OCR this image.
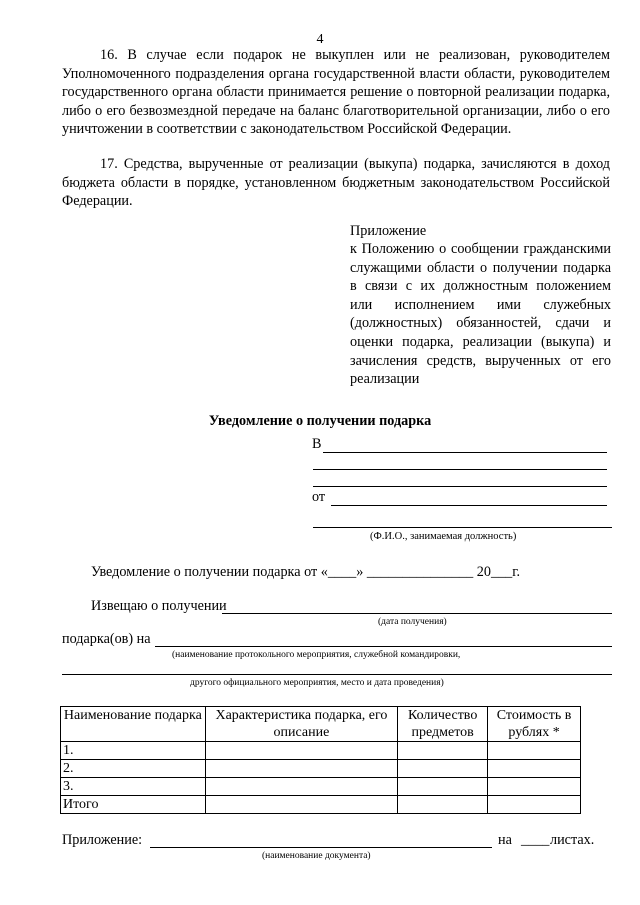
4
16. В случае если подарок не выкуплен или не реализован, руководителем Уполномоченного подразделения органа государственной власти области, руководителем государственного органа области принимается решение о повторной реализации подарка, либо о его безвозмездной передаче на баланс благотворительной организации, либо о его уничтожении в соответствии с законодательством Российской Федерации.
17. Средства, вырученные от реализации (выкупа) подарка, зачисляются в доход бюджета области в порядке, установленном бюджетным законодательством Российской Федерации.
Приложение
к Положению о сообщении гражданскими служащими области о получении подарка в связи с их должностным положением или исполнением ими служебных (должностных) обязанностей, сдачи и оценки подарка, реализации (выкупа) и зачисления средств, вырученных от его реализации
Уведомление о получении подарка
В
от
(Ф.И.О., занимаемая должность)
Уведомление о получении подарка от «____» _______________ 20___г.
Извещаю о получении
(дата получения)
подарка(ов) на
(наименование протокольного мероприятия, служебной командировки,
другого официального мероприятия, место и дата проведения)
Наименование подарка	Характеристика подарка, его описание	Количество предметов	Стоимость в рублях *
1.			
2.			
3.			
Итого			
Приложение:	на ____ листах.
(наименование документа)
